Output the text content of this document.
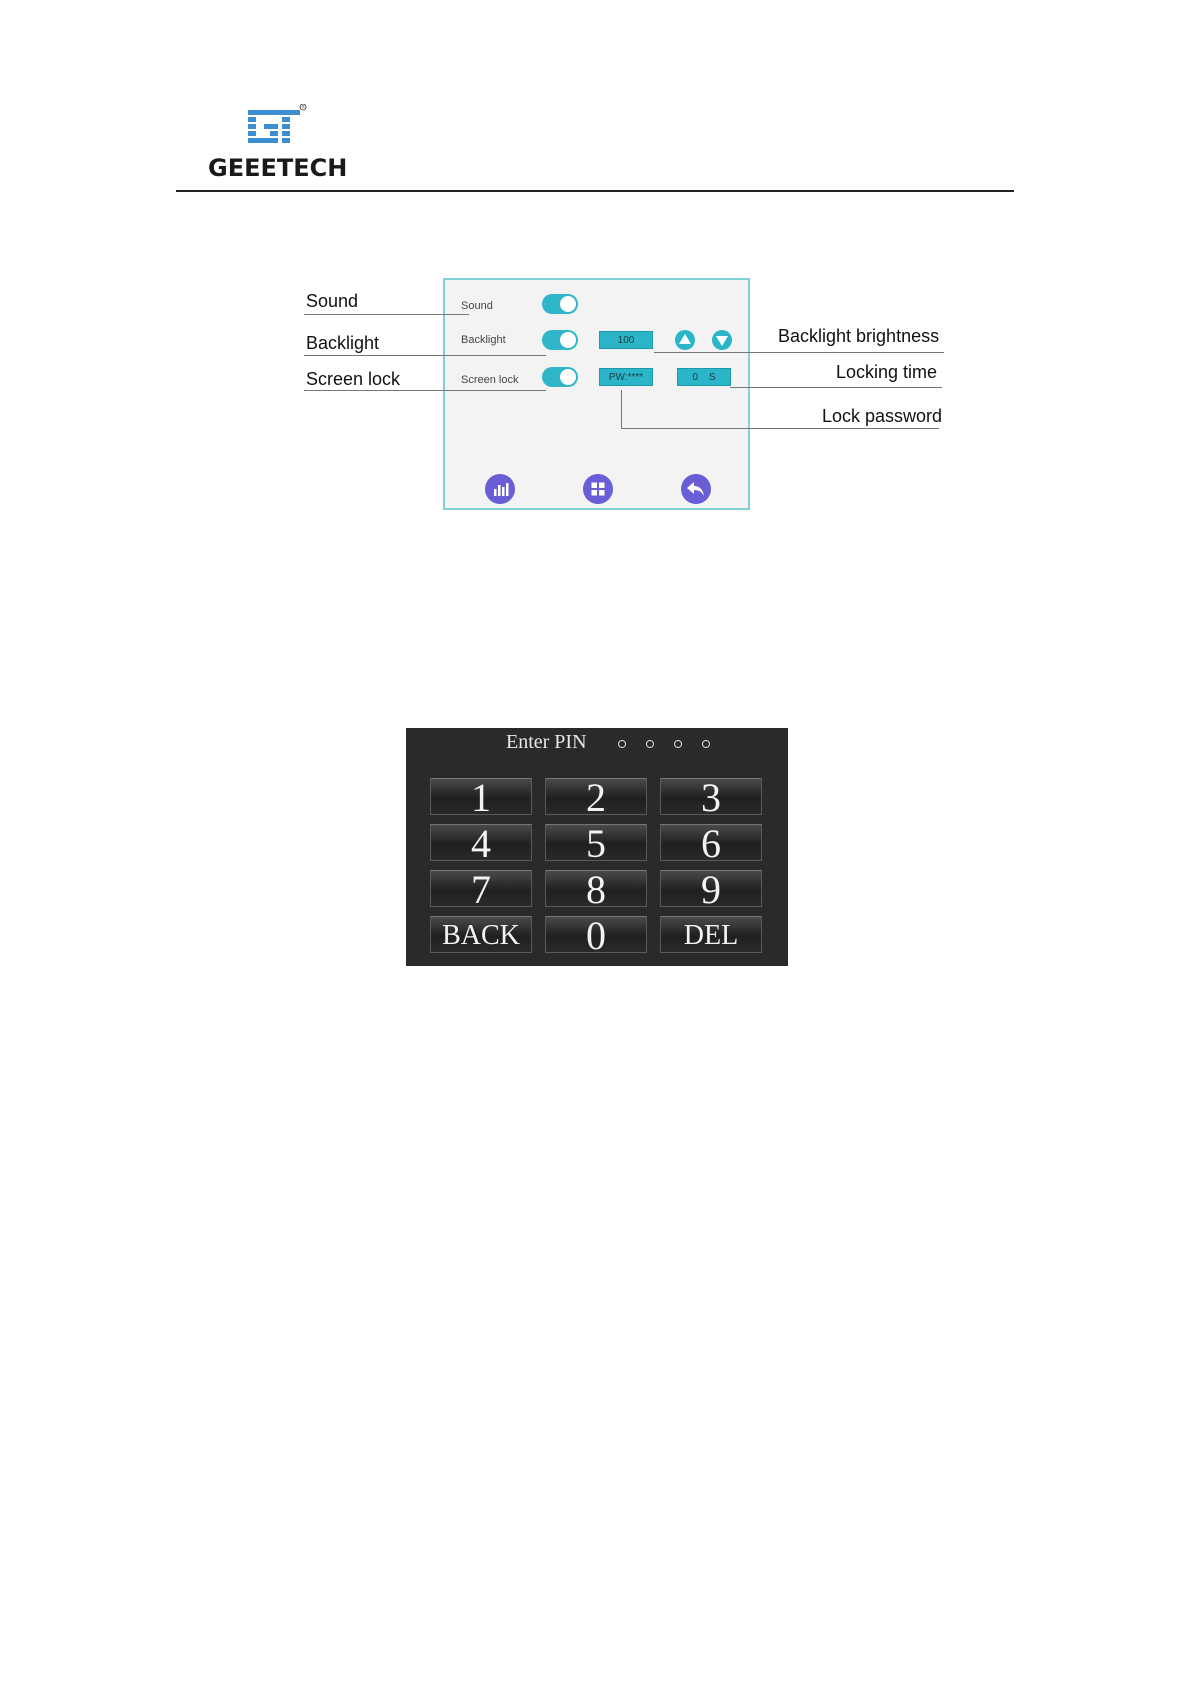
®
GEEETECH
Sound
Backlight	100
Screen lock	PW:****	0 S
Sound
Backlight
Screen lock
Backlight brightness
Locking time
Lock password
Enter PIN
1	2	3
4	5	6
7	8	9
BACK	0	DEL
